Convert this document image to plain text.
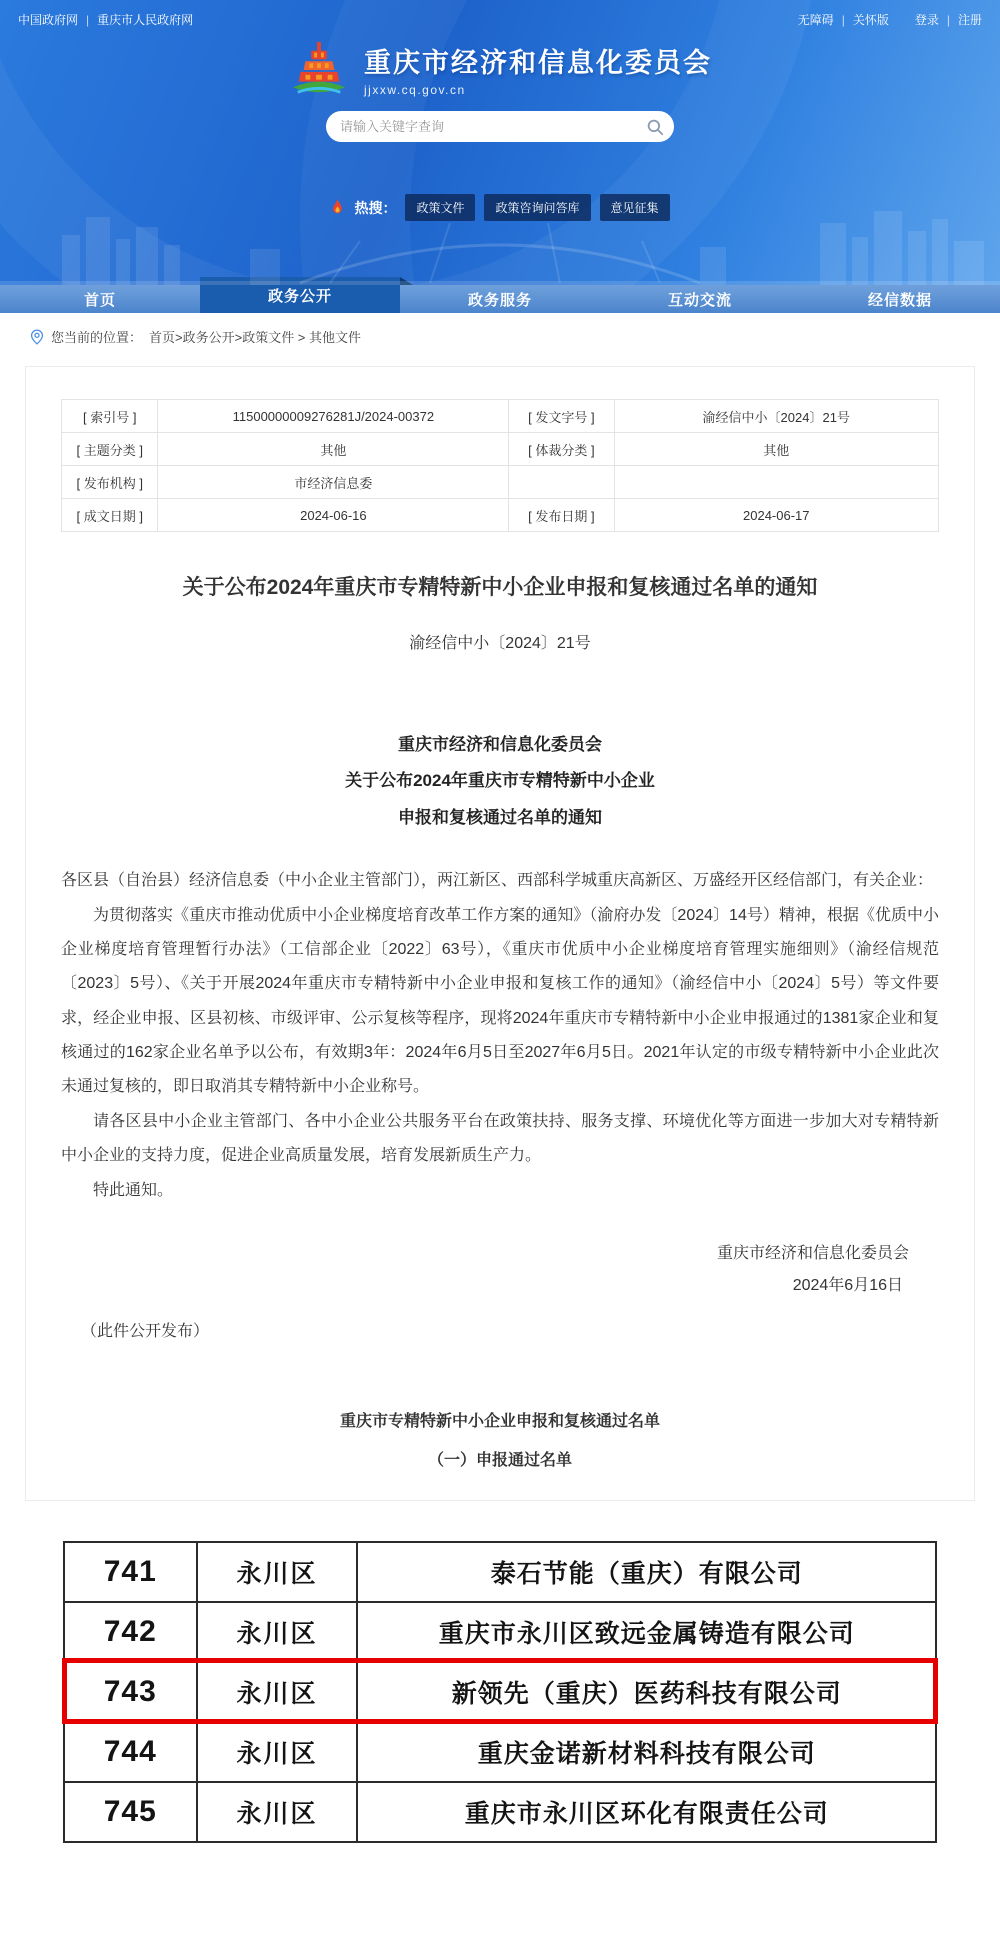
中国政府网 | 重庆市人民政府网	无障碍 | 关怀版 登录 | 注册
重庆市经济和信息化委员会
jjxxw.cq.gov.cn
请输入关键字查询
热搜：	政策文件	政策咨询问答库	意见征集
首页	政务公开	政务服务	互动交流	经信数据
您当前的位置： 首页>政务公开>政策文件 > 其他文件
[ 索引号 ]	11500000009276281J/2024-00372	[ 发文字号 ]	渝经信中小〔2024〕21号
[ 主题分类 ]	其他	[ 体裁分类 ]	其他
[ 发布机构 ]	市经济信息委		
[ 成文日期 ]	2024-06-16	[ 发布日期 ]	2024-06-17
关于公布2024年重庆市专精特新中小企业申报和复核通过名单的通知
渝经信中小〔2024〕21号
重庆市经济和信息化委员会
关于公布2024年重庆市专精特新中小企业
申报和复核通过名单的通知

各区县（自治县）经济信息委（中小企业主管部门），两江新区、西部科学城重庆高新区、万盛经开区经信部门，有关企业：

为贯彻落实《重庆市推动优质中小企业梯度培育改革工作方案的通知》（渝府办发〔2024〕14号）精神，根据《优质中小企业梯度培育管理暂行办法》（工信部企业〔2022〕63号），《重庆市优质中小企业梯度培育管理实施细则》（渝经信规范〔2023〕5号）、《关于开展2024年重庆市专精特新中小企业申报和复核工作的通知》（渝经信中小〔2024〕5号）等文件要求，经企业申报、区县初核、市级评审、公示复核等程序，现将2024年重庆市专精特新中小企业申报通过的1381家企业和复核通过的162家企业名单予以公布，有效期3年：2024年6月5日至2027年6月5日。2021年认定的市级专精特新中小企业此次未通过复核的，即日取消其专精特新中小企业称号。

请各区县中小企业主管部门、各中小企业公共服务平台在政策扶持、服务支撑、环境优化等方面进一步加大对专精特新中小企业的支持力度，促进企业高质量发展，培育发展新质生产力。

特此通知。

重庆市经济和信息化委员会
2024年6月16日

（此件公开发布）

重庆市专精特新中小企业申报和复核通过名单
（一）申报通过名单
741	永川区	泰石节能（重庆）有限公司
742	永川区	重庆市永川区致远金属铸造有限公司
743	永川区	新领先（重庆）医药科技有限公司
744	永川区	重庆金诺新材料科技有限公司
745	永川区	重庆市永川区环化有限责任公司
